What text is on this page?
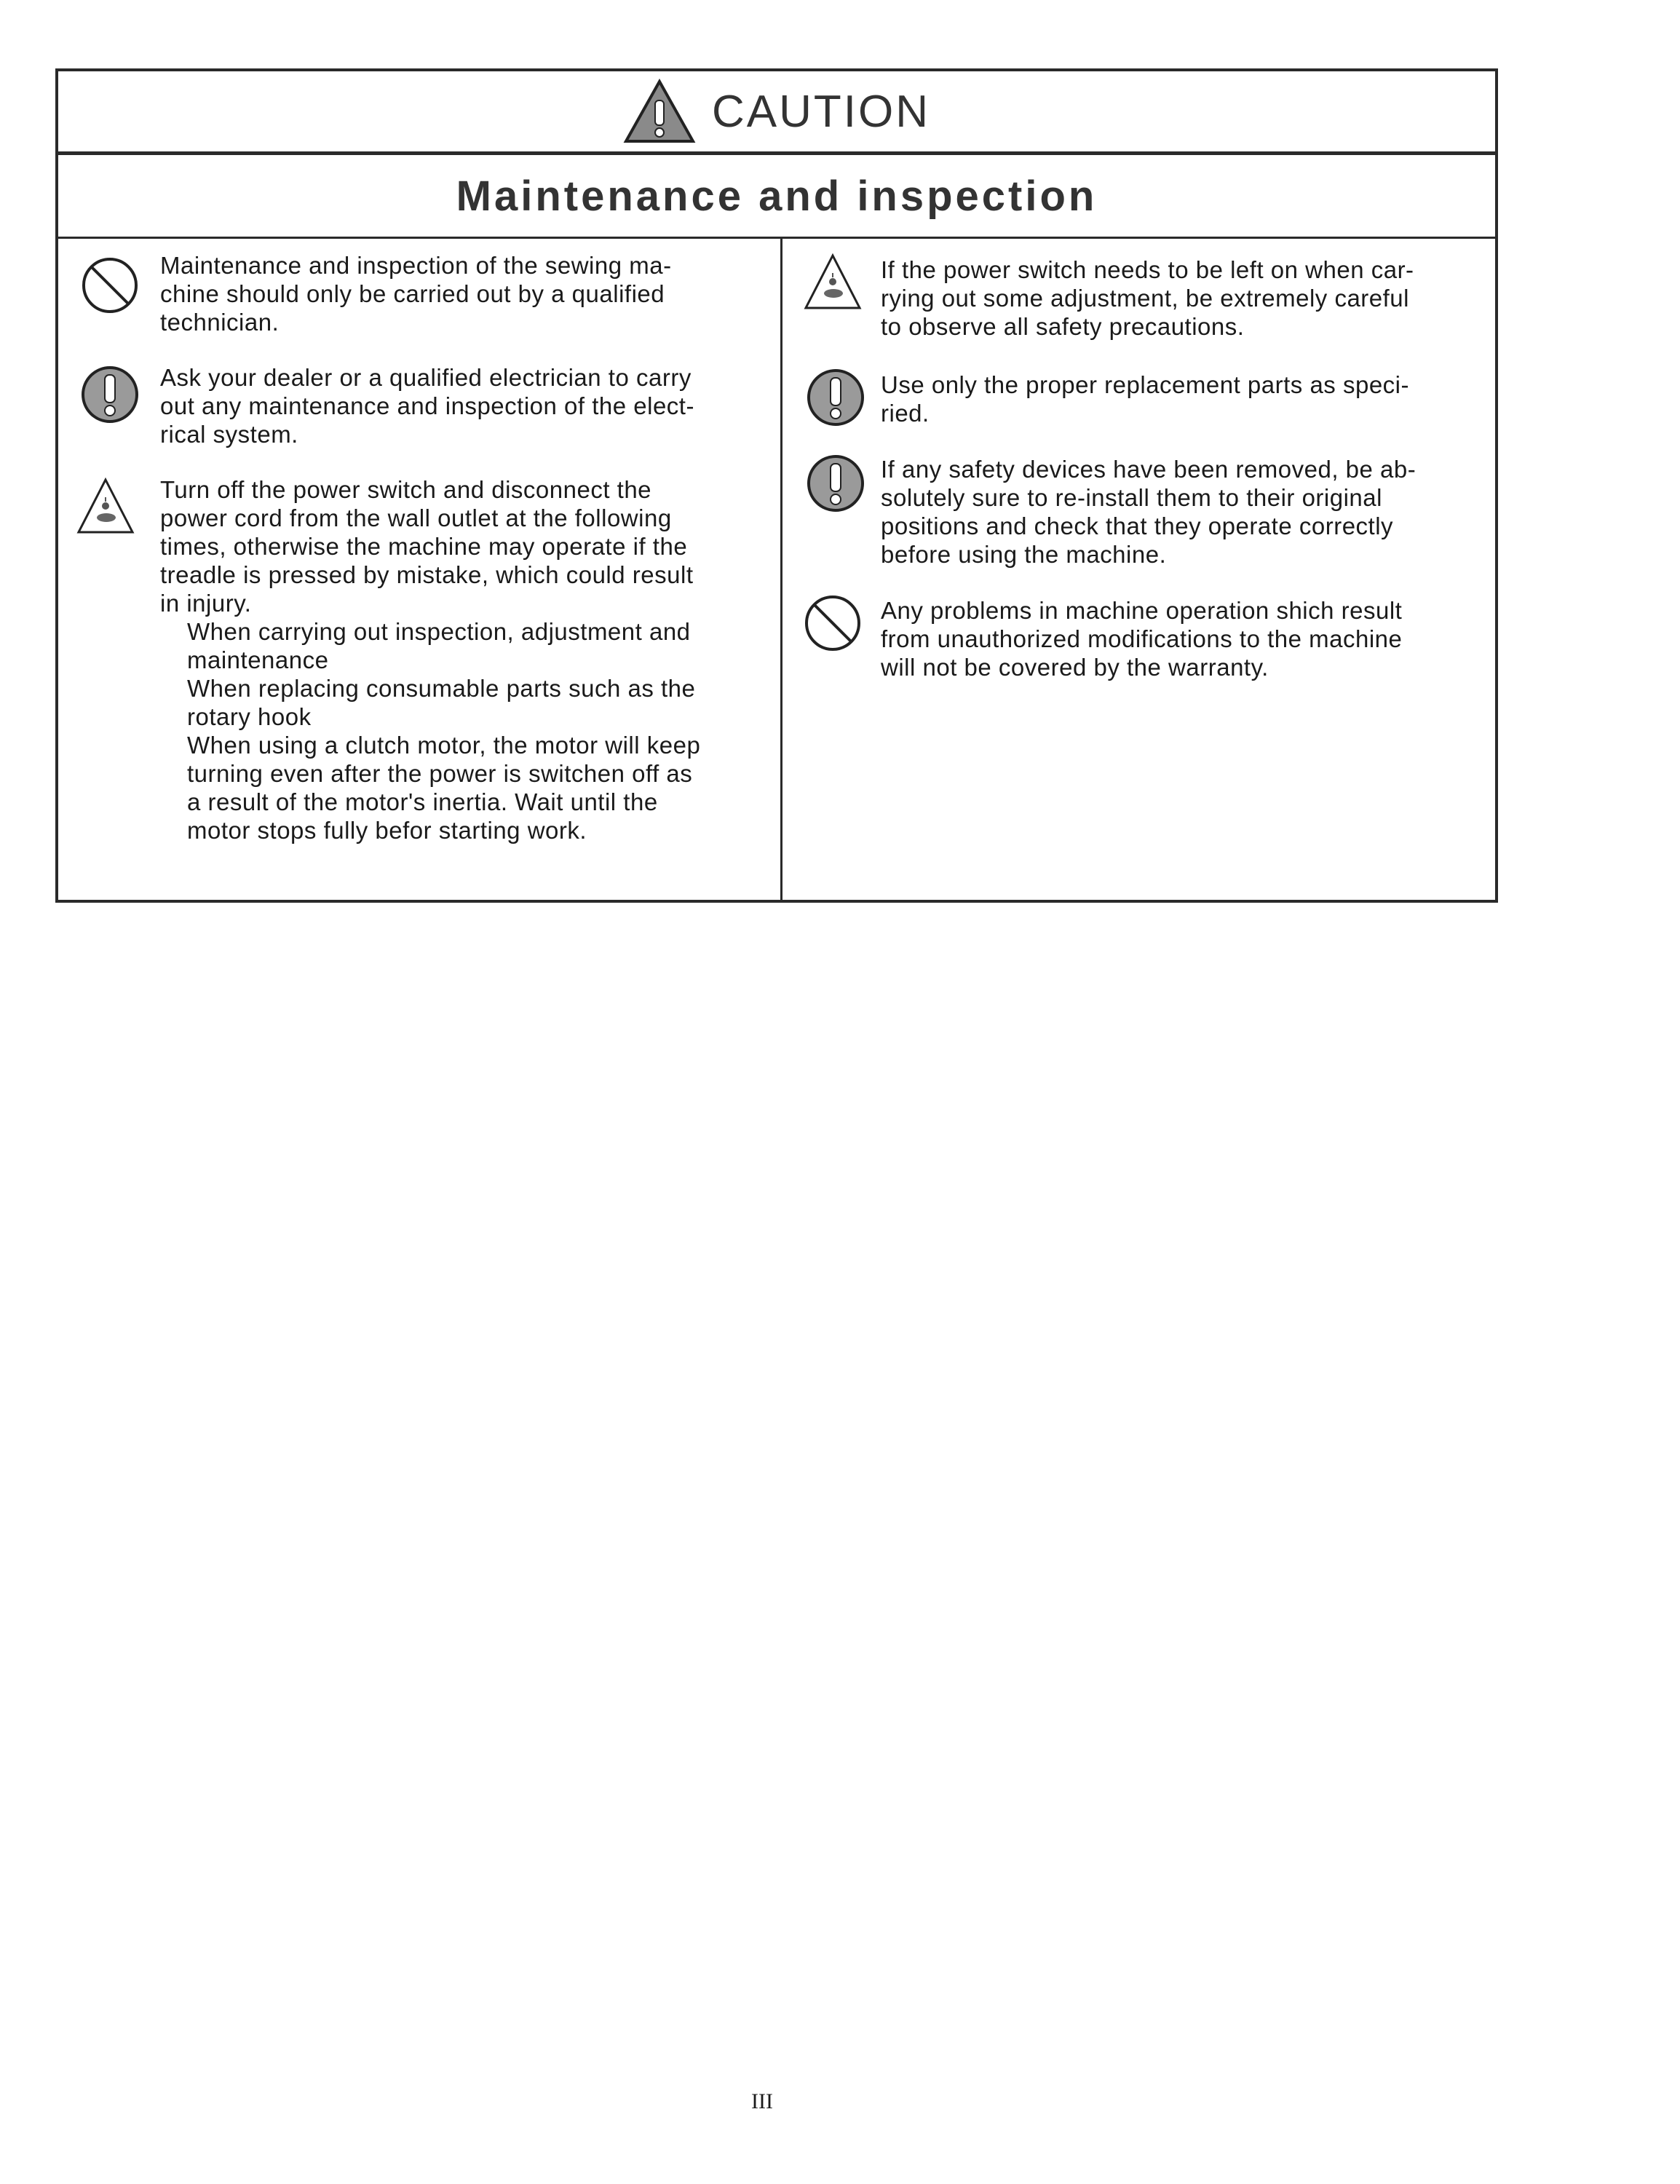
CAUTION
Maintenance and inspection
Maintenance and inspection of the sewing ma-
chine should only be carried out by a qualified
technician.
Ask your dealer or a qualified electrician to carry
out any maintenance and inspection of the elect-
rical system.
Turn off the power switch and disconnect the
power cord from the wall outlet at the following
times, otherwise the machine may operate if the
treadle is pressed by mistake, which could result
in injury.
When carrying out inspection, adjustment and
maintenance
When replacing consumable parts such as the
rotary hook
When using a clutch motor, the motor will keep
turning even after the power is switchen off as
a result of the motor's inertia. Wait until the
motor stops fully befor starting work.
If the power switch needs to be left on when car-
rying out some adjustment, be extremely careful
to observe all safety precautions.
Use only the proper replacement parts as speci-
ried.
If any safety devices have been removed, be ab-
solutely sure to re-install them to their original
positions and check that they operate correctly
before using the machine.
Any problems in machine operation shich result
from unauthorized modifications to the machine
will not be covered by the warranty.
III
